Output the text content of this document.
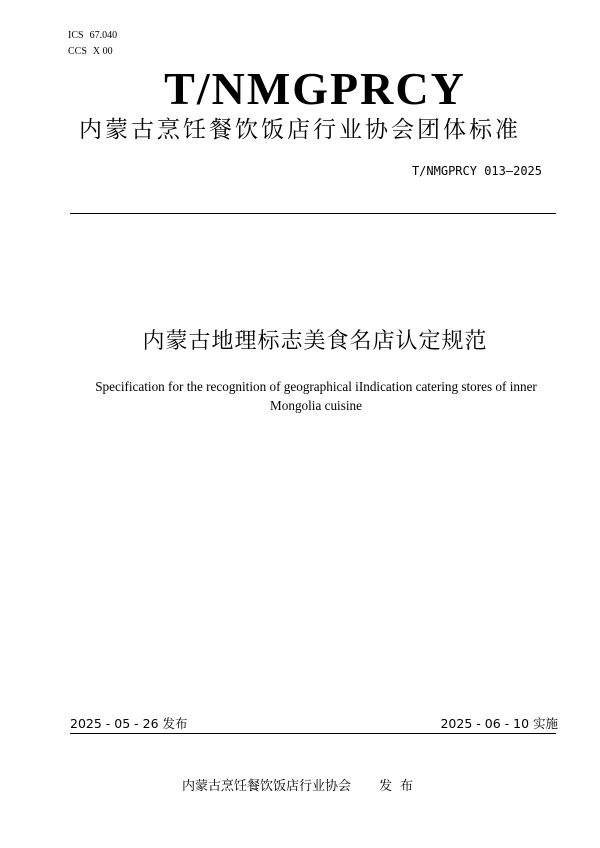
ICS 67.040
CCS X 00
T/NMGPRCY
内蒙古烹饪餐饮饭店行业协会团体标准
T/NMGPRCY 013—2025
内蒙古地理标志美食名店认定规范
Specification for the recognition of geographical iIndication catering stores of inner Mongolia cuisine
2025 - 05 - 26 发布	2025 - 06 - 10 实施
内蒙古烹饪餐饮饭店行业协会 发布
